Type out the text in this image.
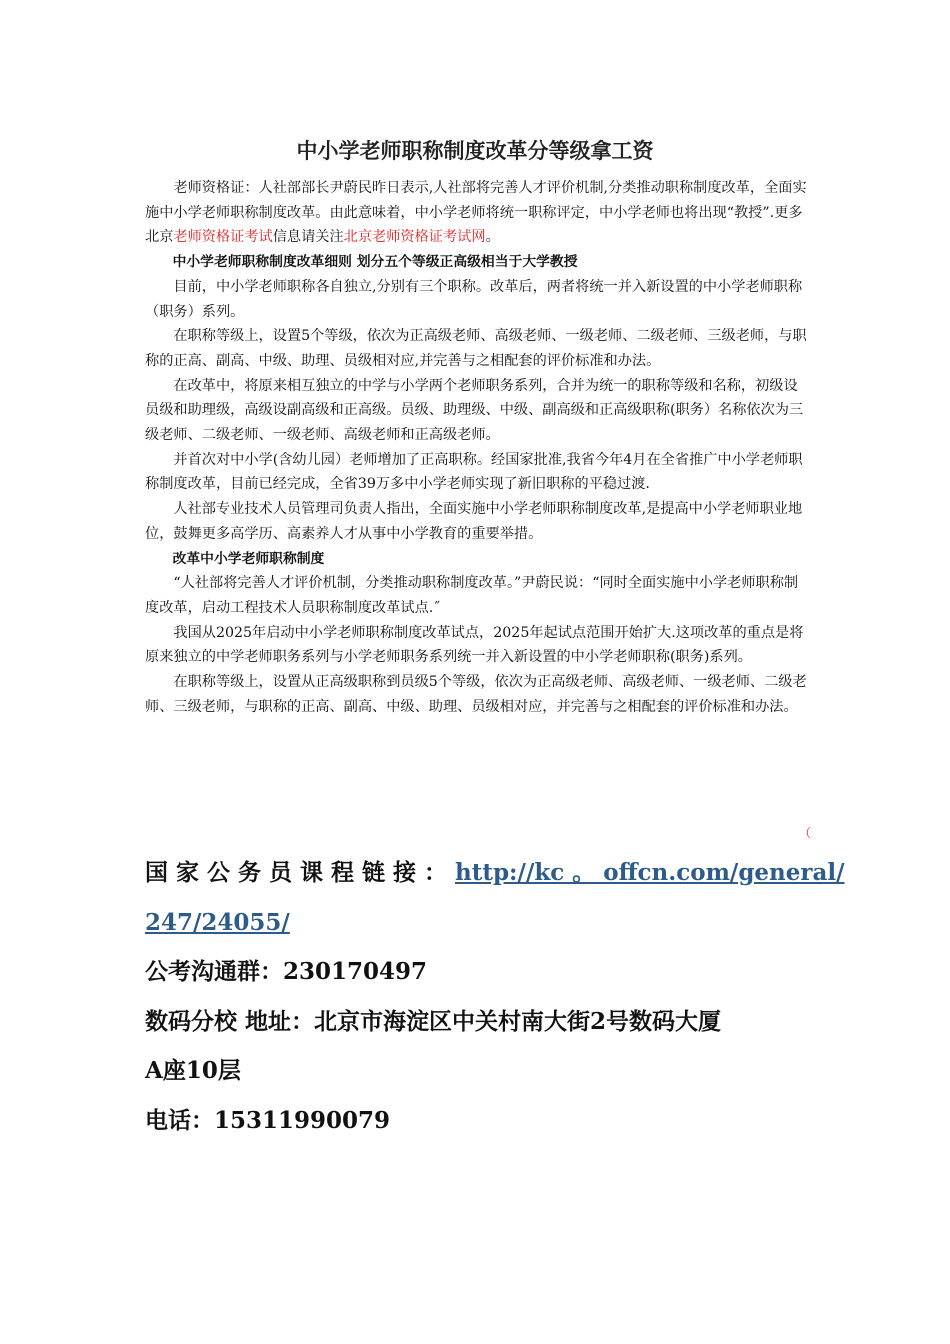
中小学老师职称制度改革分等级拿工资

老师资格证：人社部部长尹蔚民昨日表示,人社部将完善人才评价机制,分类推动职称制度改革，全面实施中小学老师职称制度改革。由此意味着，中小学老师将统一职称评定，中小学老师也将出现“教授”.更多北京老师资格证考试信息请关注北京老师资格证考试网。

中小学老师职称制度改革细则 划分五个等级正高级相当于大学教授

目前，中小学老师职称各自独立,分别有三个职称。改革后，两者将统一并入新设置的中小学老师职称（职务）系列。

在职称等级上，设置5个等级，依次为正高级老师、高级老师、一级老师、二级老师、三级老师，与职称的正高、副高、中级、助理、员级相对应,并完善与之相配套的评价标准和办法。

在改革中，将原来相互独立的中学与小学两个老师职务系列，合并为统一的职称等级和名称，初级设员级和助理级，高级设副高级和正高级。员级、助理级、中级、副高级和正高级职称(职务）名称依次为三级老师、二级老师、一级老师、高级老师和正高级老师。

并首次对中小学(含幼儿园）老师增加了正高职称。经国家批准,我省今年4月在全省推广中小学老师职称制度改革，目前已经完成，全省39万多中小学老师实现了新旧职称的平稳过渡.

人社部专业技术人员管理司负责人指出，全面实施中小学老师职称制度改革,是提高中小学老师职业地位，鼓舞更多高学历、高素养人才从事中小学教育的重要举措。

改革中小学老师职称制度

“人社部将完善人才评价机制，分类推动职称制度改革。”尹蔚民说：“同时全面实施中小学老师职称制度改革，启动工程技术人员职称制度改革试点.˝

我国从2025年启动中小学老师职称制度改革试点，2025年起试点范围开始扩大.这项改革的重点是将原来独立的中学老师职务系列与小学老师职务系列统一并入新设置的中小学老师职称(职务)系列。

在职称等级上，设置从正高级职称到员级5个等级，依次为正高级老师、高级老师、一级老师、二级老师、三级老师，与职称的正高、副高、中级、助理、员级相对应，并完善与之相配套的评价标准和办法。

（
国家公务员课程链接： http://kc 。 offcn.com/general/
247/24055/
公考沟通群：230170497
数码分校 地址：北京市海淀区中关村南大街2号数码大厦
A座10层
电话：15311990079
